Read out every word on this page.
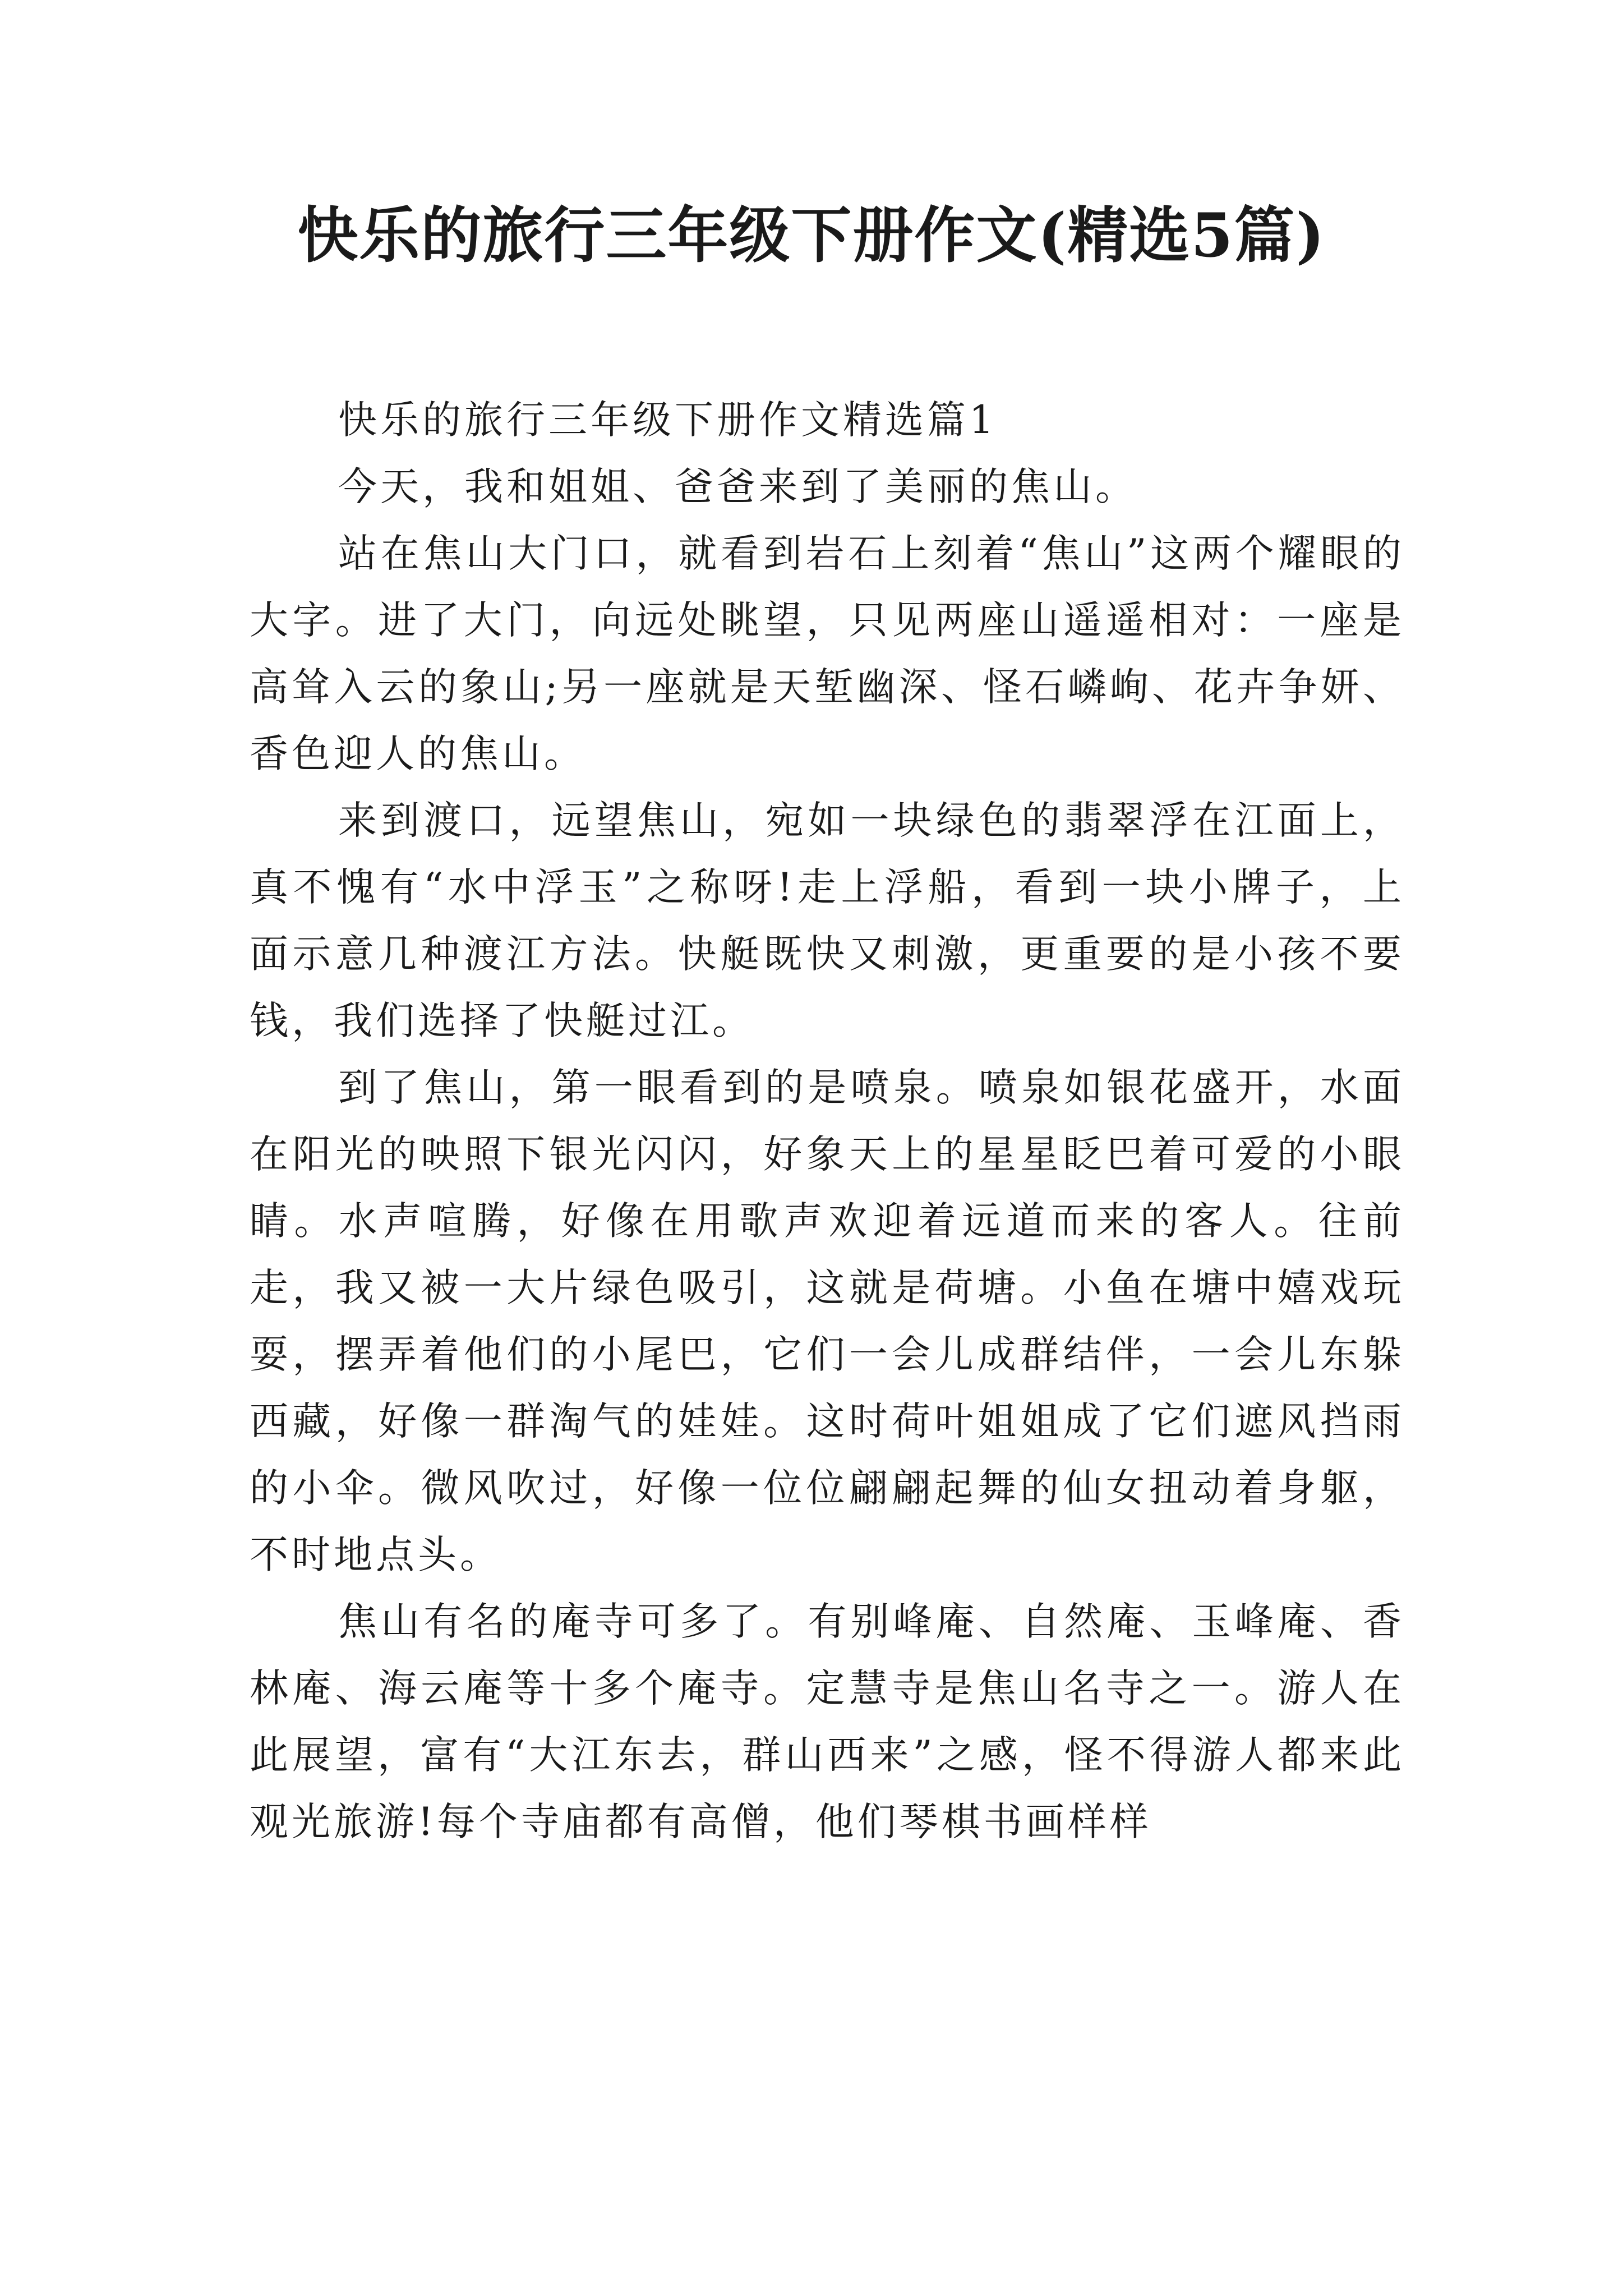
快乐的旅行三年级下册作文(精选5篇)

快乐的旅行三年级下册作文精选篇1

今天，我和姐姐、爸爸来到了美丽的焦山。

站在焦山大门口，就看到岩石上刻着“焦山”这两个耀眼的大字。进了大门，向远处眺望，只见两座山遥遥相对：一座是高耸入云的象山;另一座就是天堑幽深、怪石嶙峋、花卉争妍、香色迎人的焦山。

来到渡口，远望焦山，宛如一块绿色的翡翠浮在江面上，真不愧有“水中浮玉”之称呀!走上浮船，看到一块小牌子，上面示意几种渡江方法。快艇既快又刺激，更重要的是小孩不要钱，我们选择了快艇过江。

到了焦山，第一眼看到的是喷泉。喷泉如银花盛开，水面在阳光的映照下银光闪闪，好象天上的星星眨巴着可爱的小眼睛。水声喧腾，好像在用歌声欢迎着远道而来的客人。往前走，我又被一大片绿色吸引，这就是荷塘。小鱼在塘中嬉戏玩耍，摆弄着他们的小尾巴，它们一会儿成群结伴，一会儿东躲西藏，好像一群淘气的娃娃。这时荷叶姐姐成了它们遮风挡雨的小伞。微风吹过，好像一位位翩翩起舞的仙女扭动着身躯，不时地点头。

焦山有名的庵寺可多了。有别峰庵、自然庵、玉峰庵、香林庵、海云庵等十多个庵寺。定慧寺是焦山名寺之一。游人在此展望，富有“大江东去，群山西来”之感，怪不得游人都来此观光旅游!每个寺庙都有高僧，他们琴棋书画样样
